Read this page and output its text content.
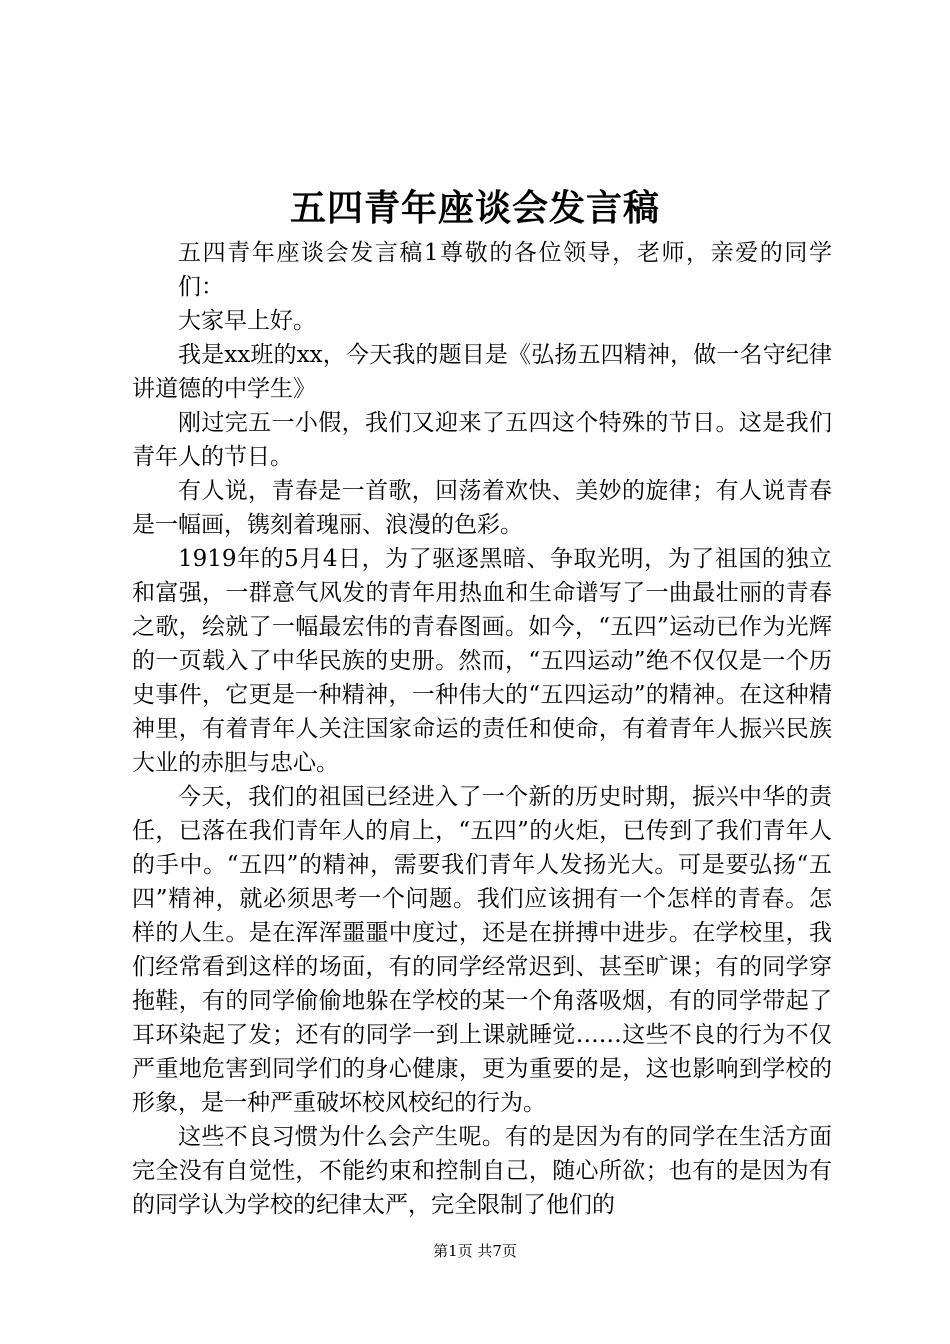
五四青年座谈会发言稿

五四青年座谈会发言稿1尊敬的各位领导，老师，亲爱的同学们：

大家早上好。

我是xx班的xx，今天我的题目是《弘扬五四精神，做一名守纪律讲道德的中学生》

刚过完五一小假，我们又迎来了五四这个特殊的节日。这是我们青年人的节日。

有人说，青春是一首歌，回荡着欢快、美妙的旋律；有人说青春是一幅画，镌刻着瑰丽、浪漫的色彩。

1919年的5月4日，为了驱逐黑暗、争取光明，为了祖国的独立和富强，一群意气风发的青年用热血和生命谱写了一曲最壮丽的青春之歌，绘就了一幅最宏伟的青春图画。如今，“五四”运动已作为光辉的一页载入了中华民族的史册。然而，“五四运动”绝不仅仅是一个历史事件，它更是一种精神，一种伟大的“五四运动”的精神。在这种精神里，有着青年人关注国家命运的责任和使命，有着青年人振兴民族大业的赤胆与忠心。

今天，我们的祖国已经进入了一个新的历史时期，振兴中华的责任，已落在我们青年人的肩上，“五四”的火炬，已传到了我们青年人的手中。“五四”的精神，需要我们青年人发扬光大。可是要弘扬“五四”精神，就必须思考一个问题。我们应该拥有一个怎样的青春。怎样的人生。是在浑浑噩噩中度过，还是在拼搏中进步。在学校里，我们经常看到这样的场面，有的同学经常迟到、甚至旷课；有的同学穿拖鞋，有的同学偷偷地躲在学校的某一个角落吸烟，有的同学带起了耳环染起了发；还有的同学一到上课就睡觉……这些不良的行为不仅严重地危害到同学们的身心健康，更为重要的是，这也影响到学校的形象，是一种严重破坏校风校纪的行为。

这些不良习惯为什么会产生呢。有的是因为有的同学在生活方面完全没有自觉性，不能约束和控制自己，随心所欲；也有的是因为有的同学认为学校的纪律太严，完全限制了他们的

第1页 共7页
